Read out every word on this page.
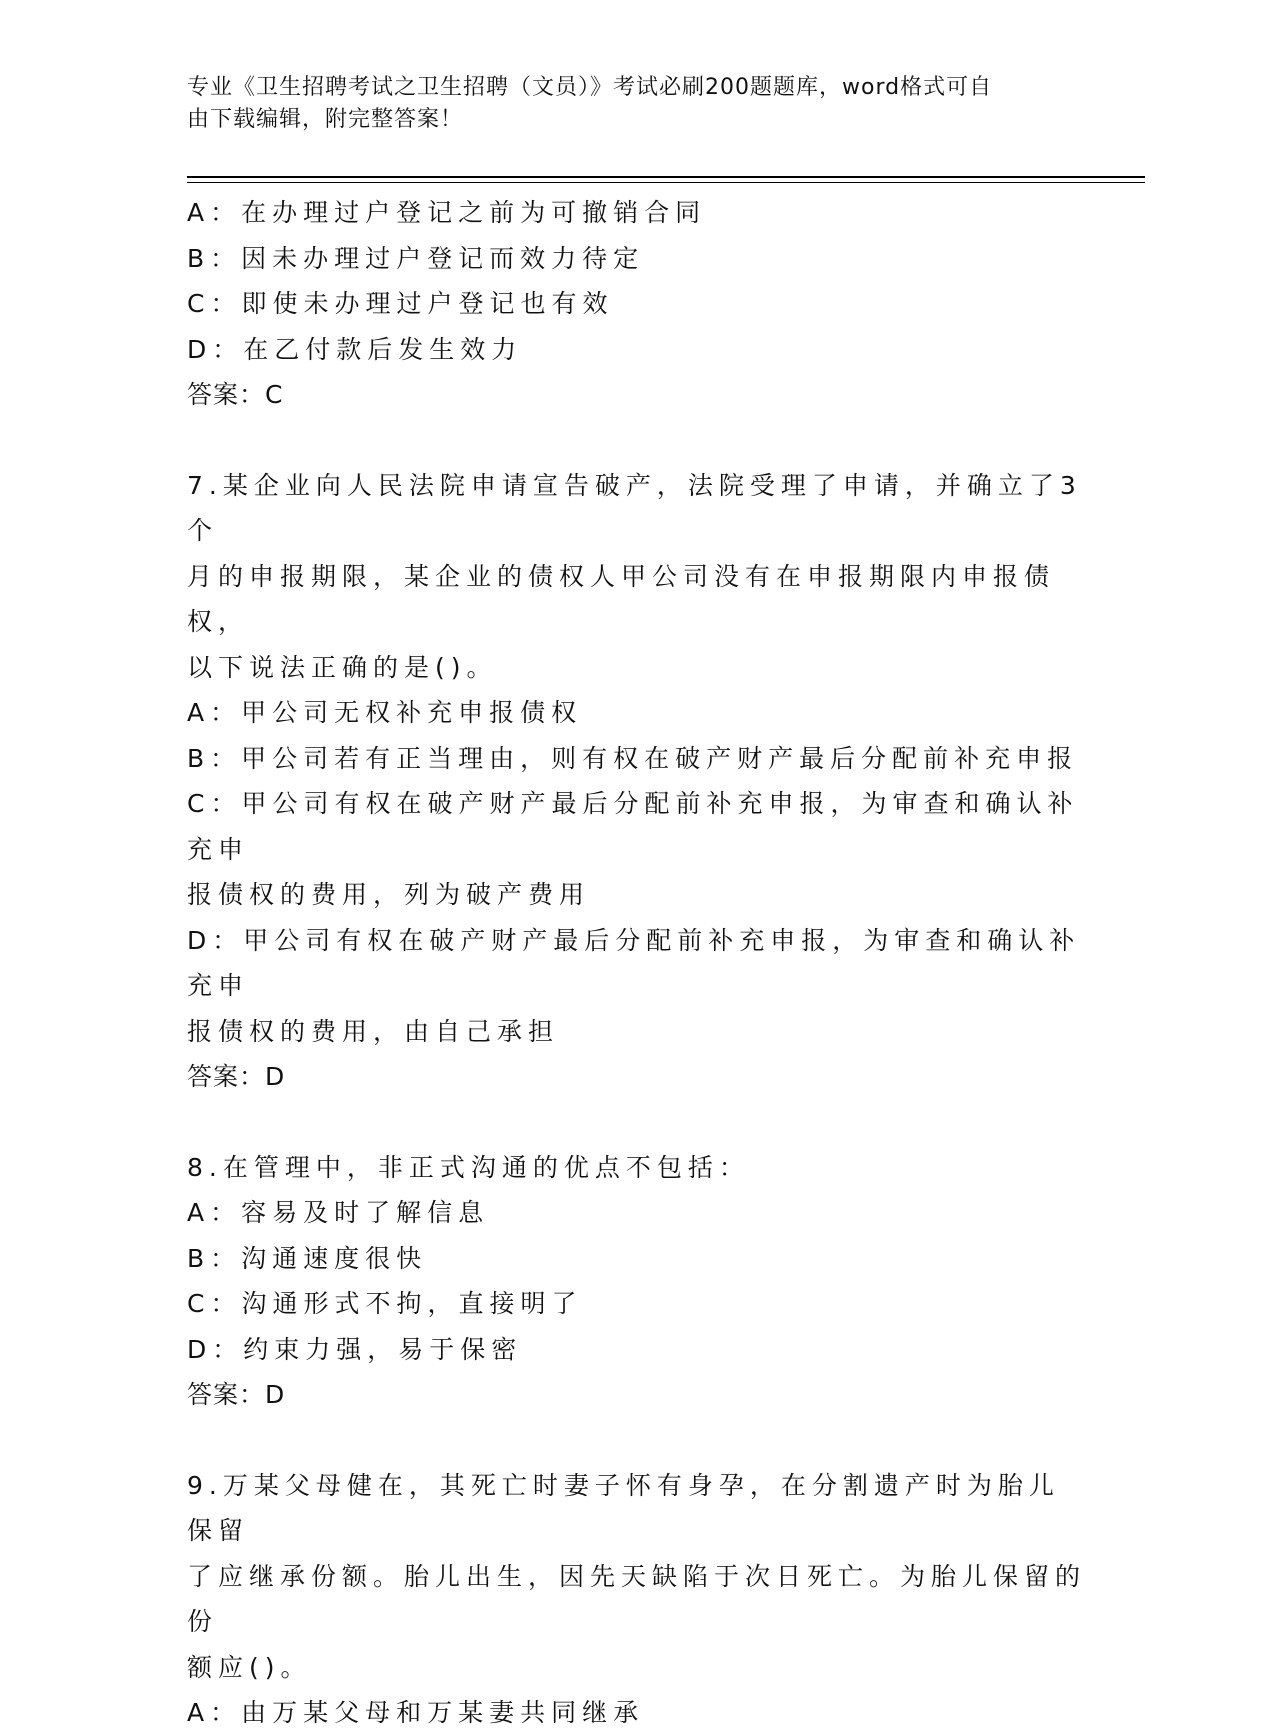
专业《卫生招聘考试之卫生招聘（文员）》考试必刷200题题库，word格式可自
由下载编辑，附完整答案！

A：在办理过户登记之前为可撤销合同

B：因未办理过户登记而效力待定

C：即使未办理过户登记也有效

D：在乙付款后发生效力

答案：C

7.某企业向人民法院申请宣告破产，法院受理了申请，并确立了3个

月的申报期限，某企业的债权人甲公司没有在申报期限内申报债权，

以下说法正确的是()。

A：甲公司无权补充申报债权

B：甲公司若有正当理由，则有权在破产财产最后分配前补充申报

C：甲公司有权在破产财产最后分配前补充申报，为审查和确认补充申

报债权的费用，列为破产费用

D：甲公司有权在破产财产最后分配前补充申报，为审查和确认补充申

报债权的费用，由自己承担

答案：D

8.在管理中，非正式沟通的优点不包括：

A：容易及时了解信息

B：沟通速度很快

C：沟通形式不拘，直接明了

D：约束力强，易于保密

答案：D

9.万某父母健在，其死亡时妻子怀有身孕，在分割遗产时为胎儿保留

了应继承份额。胎儿出生，因先天缺陷于次日死亡。为胎儿保留的份

额应()。

A：由万某父母和万某妻共同继承
